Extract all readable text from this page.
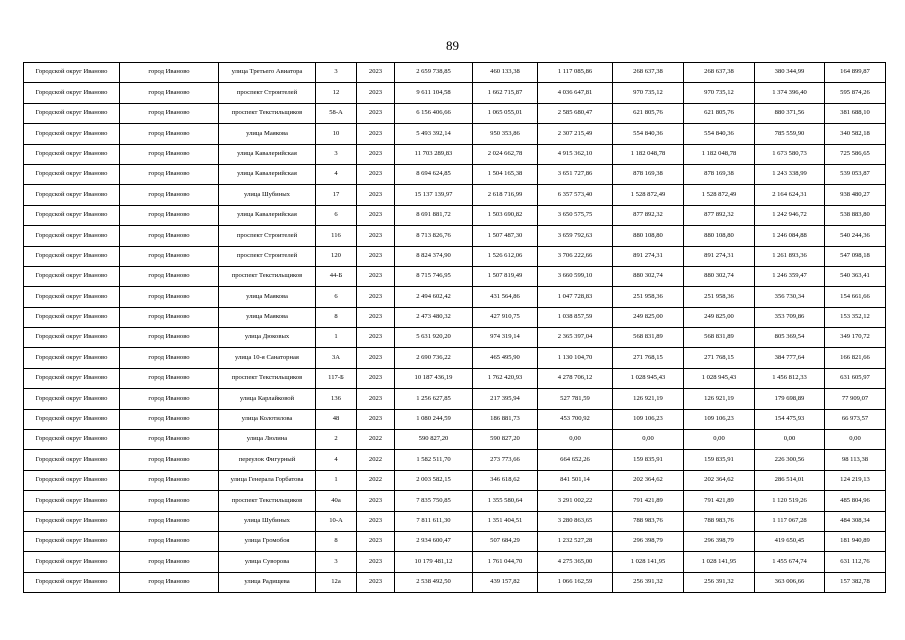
89
Городской округ Иваново	город Иваново	улица Третьего Авиатора	3	2023	2 659 738,85	460 133,38	1 117 085,86	268 637,38	268 637,38	380 344,99	164 899,87
Городской округ Иваново	город Иваново	проспект Строителей	12	2023	9 611 104,58	1 662 715,87	4 036 647,81	970 735,12	970 735,12	1 374 396,40	595 874,26
Городской округ Иваново	город Иваново	проспект Текстильщиков	58-А	2023	6 156 406,66	1 065 055,01	2 585 680,47	621 805,76	621 805,76	880 371,56	381 688,10
Городской округ Иваново	город Иваново	улица Маякова	10	2023	5 493 392,14	950 353,86	2 307 215,49	554 840,36	554 840,36	785 559,90	340 582,18
Городской округ Иваново	город Иваново	улица Кавалерийская	3	2023	11 703 289,83	2 024 662,78	4 915 362,10	1 182 048,78	1 182 048,78	1 673 580,73	725 586,65
Городской округ Иваново	город Иваново	улица Кавалерийская	4	2023	8 694 624,85	1 504 165,38	3 651 727,86	878 169,38	878 169,38	1 243 338,99	539 053,87
Городской округ Иваново	город Иваново	улица Шубиных	17	2023	15 137 139,97	2 618 716,99	6 357 573,40	1 528 872,49	1 528 872,49	2 164 624,31	938 480,27
Городской округ Иваново	город Иваново	улица Кавалерийская	6	2023	8 691 881,72	1 503 690,82	3 650 575,75	877 892,32	877 892,32	1 242 946,72	538 883,80
Городской округ Иваново	город Иваново	проспект Строителей	116	2023	8 713 826,76	1 507 487,30	3 659 792,63	880 108,80	880 108,80	1 246 084,88	540 244,36
Городской округ Иваново	город Иваново	проспект Строителей	120	2023	8 824 374,90	1 526 612,06	3 706 222,66	891 274,31	891 274,31	1 261 893,36	547 098,18
Городской округ Иваново	город Иваново	проспект Текстильщиков	44-Б	2023	8 715 746,95	1 507 819,49	3 660 599,10	880 302,74	880 302,74	1 246 359,47	540 363,41
Городской округ Иваново	город Иваново	улица Маякова	6	2023	2 494 602,42	431 564,86	1 047 728,83	251 958,36	251 958,36	356 730,34	154 661,66
Городской округ Иваново	город Иваново	улица Маякова	8	2023	2 473 480,32	427 910,75	1 038 857,59	249 825,00	249 825,00	353 709,86	153 352,12
Городской округ Иваново	город Иваново	улица Дюковых	1	2023	5 631 920,20	974 319,14	2 365 397,04	568 831,89	568 831,89	805 369,54	349 170,72
Городской округ Иваново	город Иваново	улица 10-я Санаторная	3А	2023	2 690 736,22	465 495,90	1 130 104,70	271 768,15	271 768,15	384 777,64	166 821,66
Городской округ Иваново	город Иваново	проспект Текстильщиков	117-Б	2023	10 187 436,19	1 762 420,93	4 278 706,12	1 028 945,43	1 028 945,43	1 456 812,33	631 605,97
Городской округ Иваново	город Иваново	улица Карлайковой	136	2023	1 256 627,85	217 395,94	527 781,59	126 921,19	126 921,19	179 698,89	77 909,07
Городской округ Иваново	город Иваново	улица Колотилова	48	2023	1 080 244,59	186 881,73	453 700,92	109 106,23	109 106,23	154 475,93	66 973,57
Городской округ Иваново	город Иваново	улица Люлина	2	2022	590 827,20	590 827,20	0,00	0,00	0,00	0,00	0,00
Городской округ Иваново	город Иваново	переулок Фигурный	4	2022	1 582 511,70	273 773,66	664 652,26	159 835,91	159 835,91	226 300,56	98 113,38
Городской округ Иваново	город Иваново	улица Генерала Горбатова	1	2022	2 003 582,15	346 618,62	841 501,14	202 364,62	202 364,62	286 514,01	124 219,13
Городской округ Иваново	город Иваново	проспект Текстильщиков	40а	2023	7 835 750,85	1 355 580,64	3 291 002,22	791 421,89	791 421,89	1 120 519,26	485 804,96
Городской округ Иваново	город Иваново	улица Шубиных	10-А	2023	7 811 611,30	1 351 404,51	3 280 863,65	788 983,76	788 983,76	1 117 067,28	484 308,34
Городской округ Иваново	город Иваново	улица Громобоя	8	2023	2 934 600,47	507 684,29	1 232 527,28	296 398,79	296 398,79	419 650,45	181 940,89
Городской округ Иваново	город Иваново	улица Суворова	3	2023	10 179 481,12	1 761 044,70	4 275 365,00	1 028 141,95	1 028 141,95	1 455 674,74	631 112,76
Городской округ Иваново	город Иваново	улица Радищева	12а	2023	2 538 492,50	439 157,82	1 066 162,59	256 391,32	256 391,32	363 006,66	157 382,78
